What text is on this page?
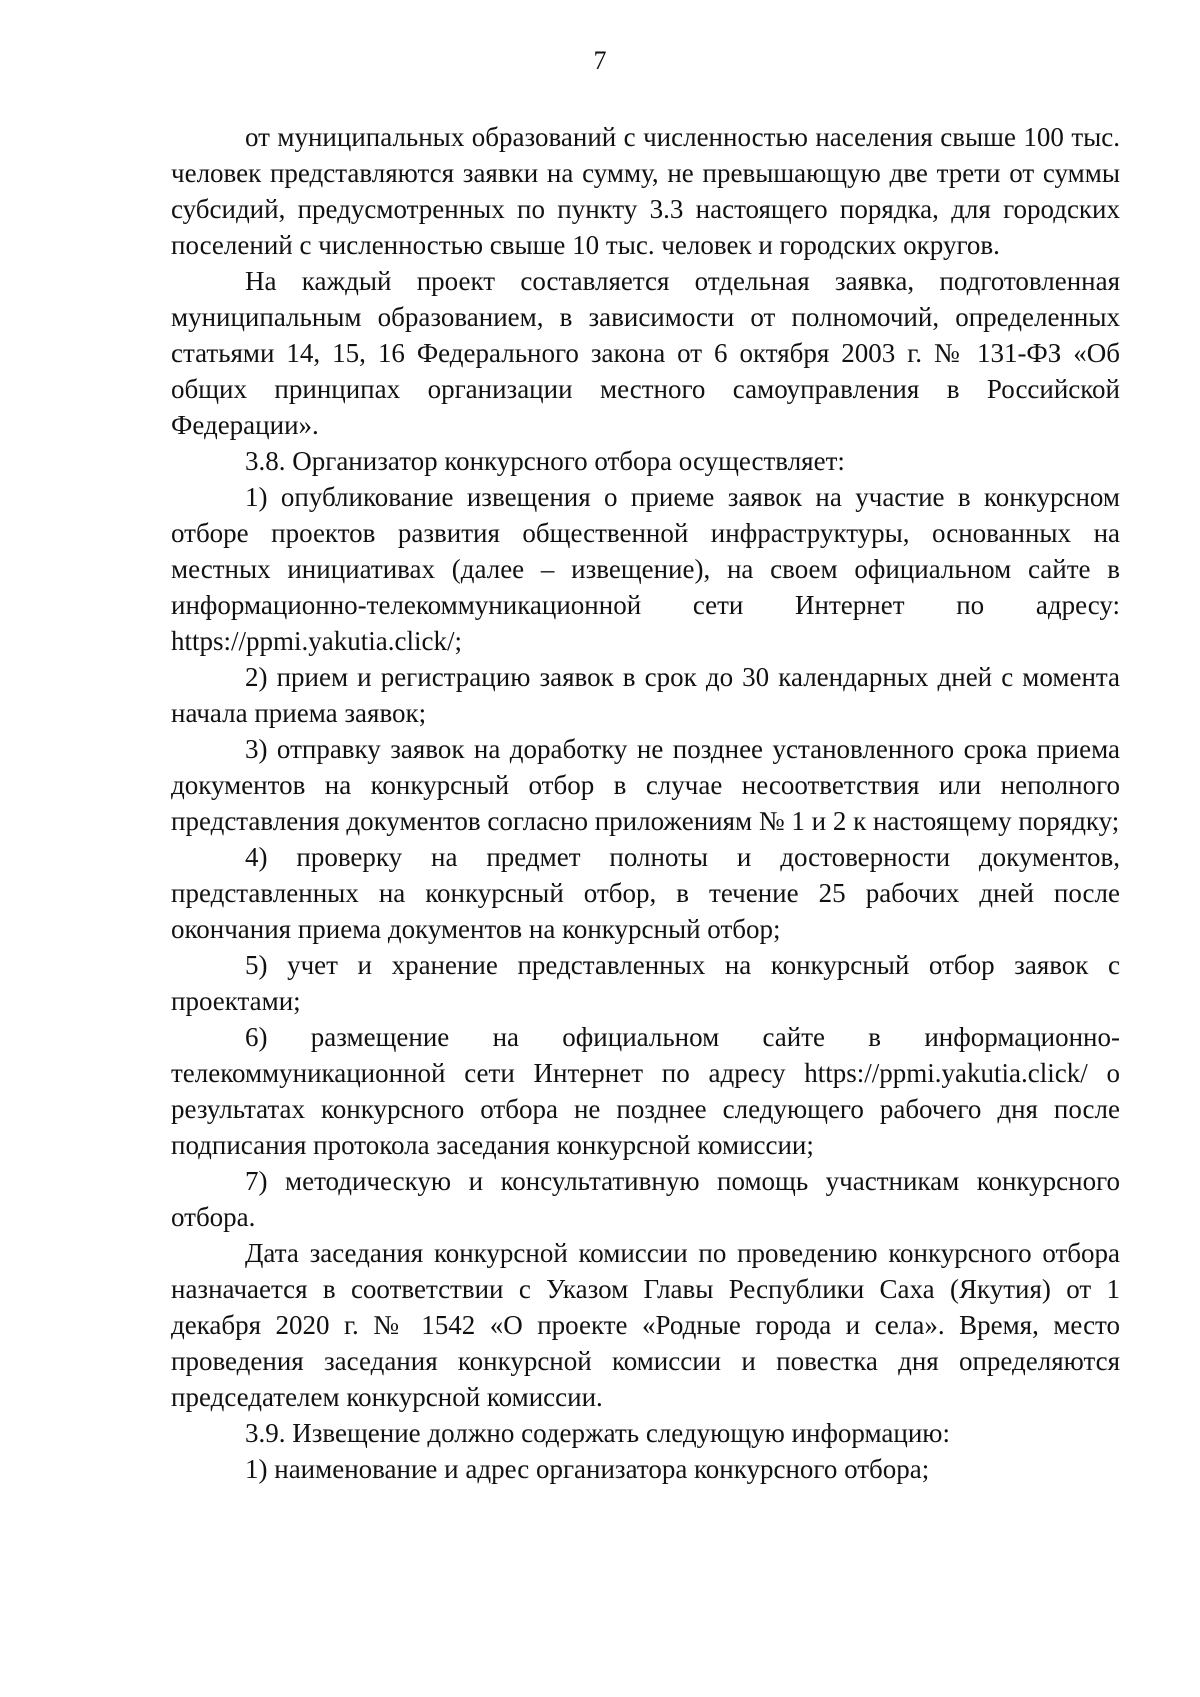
7

от муниципальных образований с численностью населения свыше 100 тыс. человек представляются заявки на сумму, не превышающую две трети от суммы субсидий, предусмотренных по пункту 3.3 настоящего порядка, для городских поселений с численностью свыше 10 тыс. человек и городских округов.

На каждый проект составляется отдельная заявка, подготовленная муниципальным образованием, в зависимости от полномочий, определенных статьями 14, 15, 16 Федерального закона от 6 октября 2003 г. № 131-ФЗ «Об общих принципах организации местного самоуправления в Российской Федерации».

3.8. Организатор конкурсного отбора осуществляет:

1) опубликование извещения о приеме заявок на участие в конкурсном отборе проектов развития общественной инфраструктуры, основанных на местных инициативах (далее – извещение), на своем официальном сайте в информационно-телекоммуникационной сети Интернет по адресу: https://ppmi.yakutia.click/;

2) прием и регистрацию заявок в срок до 30 календарных дней с момента начала приема заявок;

3) отправку заявок на доработку не позднее установленного срока приема документов на конкурсный отбор в случае несоответствия или неполного представления документов согласно приложениям № 1 и 2 к настоящему порядку;

4) проверку на предмет полноты и достоверности документов, представленных на конкурсный отбор, в течение 25 рабочих дней после окончания приема документов на конкурсный отбор;

5) учет и хранение представленных на конкурсный отбор заявок с проектами;

6) размещение на официальном сайте в информационно-телекоммуникационной сети Интернет по адресу https://ppmi.yakutia.click/ о результатах конкурсного отбора не позднее следующего рабочего дня после подписания протокола заседания конкурсной комиссии;

7) методическую и консультативную помощь участникам конкурсного отбора.

Дата заседания конкурсной комиссии по проведению конкурсного отбора назначается в соответствии с Указом Главы Республики Саха (Якутия) от 1 декабря 2020 г. № 1542 «О проекте «Родные города и села». Время, место проведения заседания конкурсной комиссии и повестка дня определяются председателем конкурсной комиссии.

3.9. Извещение должно содержать следующую информацию:

1) наименование и адрес организатора конкурсного отбора;
